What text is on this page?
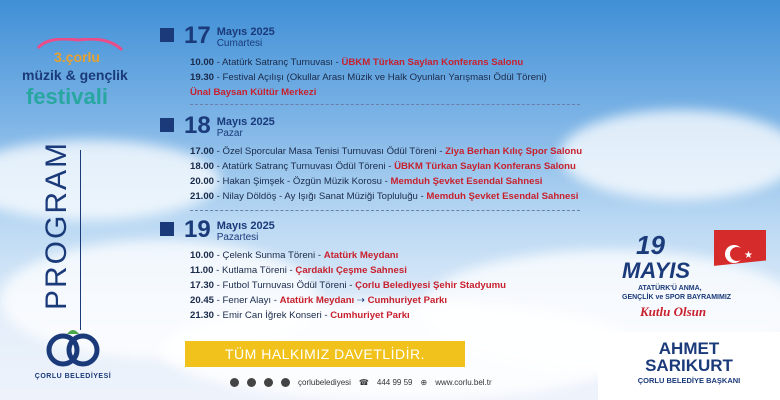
3.çorlu
müzik & gençlik
festivali
PROGRAM
17 Mayıs 2025
Cumartesi
10.00 - Atatürk Satranç Turnuvası - ÜBKM Türkan Saylan Konferans Salonu
19.30 - Festival Açılışı (Okullar Arası Müzik ve Halk Oyunları Yarışması Ödül Töreni)
Ünal Baysan Kültür Merkezi
18 Mayıs 2025
Pazar
17.00 - Özel Sporcular Masa Tenisi Turnuvası Ödül Töreni - Ziya Berhan Kılıç Spor Salonu
18.00 - Atatürk Satranç Turnuvası Ödül Töreni - ÜBKM Türkan Saylan Konferans Salonu
20.00 - Hakan Şimşek - Özgün Müzik Korosu - Memduh Şevket Esendal Sahnesi
21.00 - Nilay Döldöş - Ay Işığı Sanat Müziği Topluluğu - Memduh Şevket Esendal Sahnesi
19 Mayıs 2025
Pazartesi
10.00 - Çelenk Sunma Töreni - Atatürk Meydanı
11.00 - Kutlama Töreni - Çardaklı Çeşme Sahnesi
17.30 - Futbol Turnuvası Ödül Töreni - Çorlu Belediyesi Şehir Stadyumu
20.45 - Fener Alayı - Atatürk Meydanı ⇢ Cumhuriyet Parkı
21.30 - Emir Can İğrek Konseri - Cumhuriyet Parkı
19
MAYIS
★
ATATÜRK'Ü ANMA,
GENÇLİK ve SPOR BAYRAMIMIZ
Kutlu Olsun
ÇORLU BELEDİYESİ
TÜM HALKIMIZ DAVETLİDİR.
çorlubelediyesi ☎ 444 99 59 ⊕ www.corlu.bel.tr
AHMET
SARIKURT
ÇORLU BELEDİYE BAŞKANI
